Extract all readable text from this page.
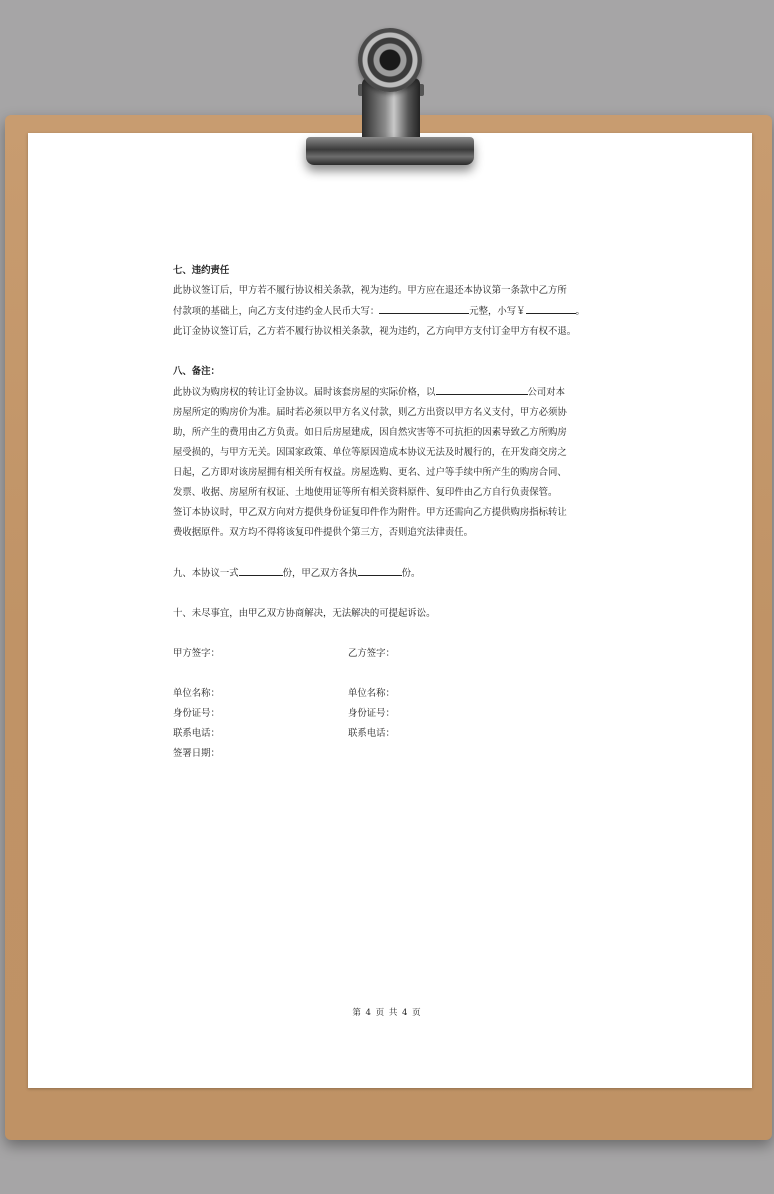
七、违约责任

此协议签订后，甲方若不履行协议相关条款，视为违约。甲方应在退还本协议第一条款中乙方所

付款项的基础上，向乙方支付违约金人民币大写：	元整，小写￥	。

此订金协议签订后，乙方若不履行协议相关条款，视为违约，乙方向甲方支付订金甲方有权不退。

八、备注：

此协议为购房权的转让订金协议。届时该套房屋的实际价格，以	公司对本

房屋所定的购房价为准。届时若必须以甲方名义付款，则乙方出资以甲方名义支付，甲方必须协

助，所产生的费用由乙方负责。如日后房屋建成，因自然灾害等不可抗拒的因素导致乙方所购房

屋受损的，与甲方无关。因国家政策、单位等原因造成本协议无法及时履行的，在开发商交房之

日起，乙方即对该房屋拥有相关所有权益。房屋选购、更名、过户等手续中所产生的购房合同、

发票、收据、房屋所有权证、土地使用证等所有相关资料原件、复印件由乙方自行负责保管。

签订本协议时，甲乙双方向对方提供身份证复印件作为附件。甲方还需向乙方提供购房指标转让

费收据原件。双方均不得将该复印件提供个第三方，否则追究法律责任。

九、本协议一式	份，甲乙双方各执	份。

十、未尽事宜，由甲乙双方协商解决，无法解决的可提起诉讼。

甲方签字：	乙方签字：
单位名称：	单位名称：
身份证号：	身份证号：
联系电话：	联系电话：
签署日期：
第 4 页 共 4 页
